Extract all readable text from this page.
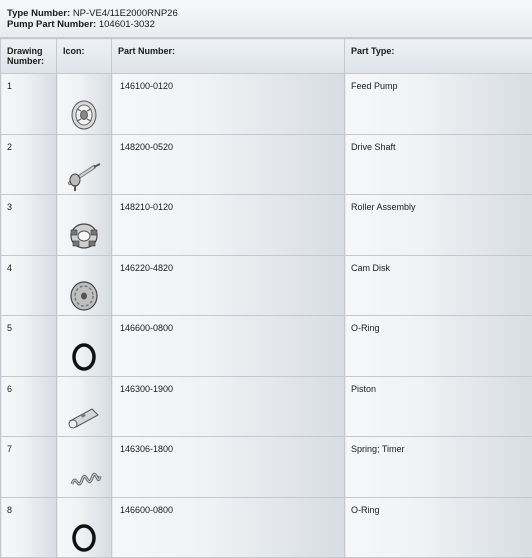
Type Number: NP-VE4/11E2000RNP26
Pump Part Number: 104601-3032
Drawing
Number:	Icon:	Part Number:	Part Type:
1		146100-0120	Feed Pump
2		148200-0520	Drive Shaft
3		148210-0120	Roller Assembly
4		146220-4820	Cam Disk
5		146600-0800	O-Ring
6		146300-1900	Piston
7		146306-1800	Spring; Timer
8		146600-0800	O-Ring
